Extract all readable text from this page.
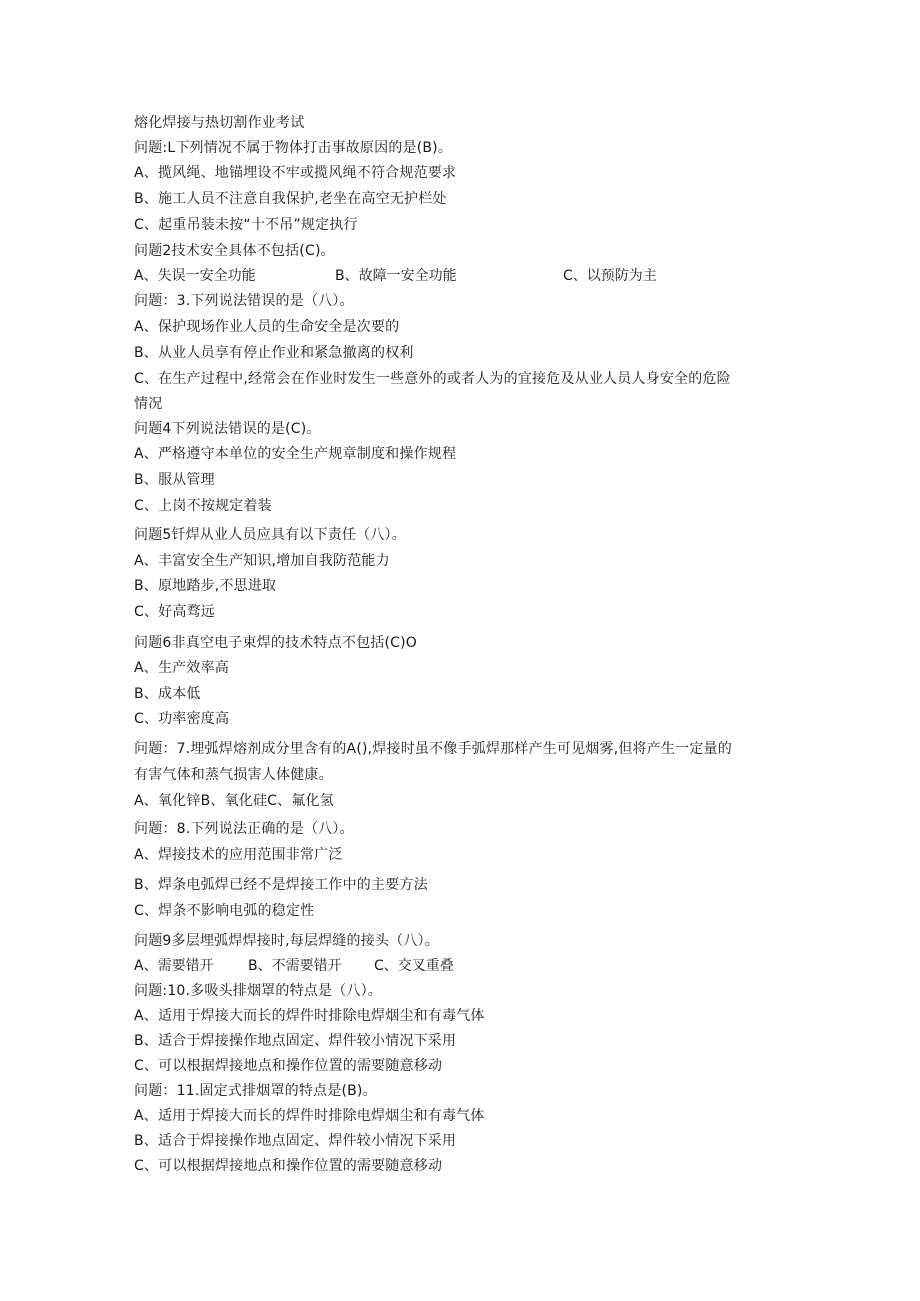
熔化焊接与热切割作业考试

问题:L下列情况不属于物体打击事故原因的是(B)。

A、揽风绳、地锚埋设不牢或揽风绳不符合规范要求

B、施工人员不注意自我保护,老坐在高空无护栏处

C、起重吊装未按“十不吊”规定执行

问题2技术安全具体不包括(C)。

A、失误一安全功能	B、故障一安全功能	C、以预防为主

问题：3.下列说法错误的是（八）。

A、保护现场作业人员的生命安全是次要的

B、从业人员享有停止作业和紧急撤离的权利

C、在生产过程中,经常会在作业时发生一些意外的或者人为的宜接危及从业人员人身安全的危险

情况

问题4下列说法错误的是(C)。

A、严格遵守本单位的安全生产规章制度和操作规程

B、服从管理

C、上岗不按规定着装

问题5钎焊从业人员应具有以下责任（八）。

A、丰富安全生产知识,增加自我防范能力

B、原地踏步,不思进取

C、好高骛远

问题6非真空电子束焊的技术特点不包括(C)O

A、生产效率高

B、成本低

C、功率密度高

问题：7.埋弧焊熔剂成分里含有的A(),焊接时虽不像手弧焊那样产生可见烟雾,但将产生一定量的

有害气体和蒸气损害人体健康。

A、氧化锌B、氧化硅C、氟化氢

问题：8.下列说法正确的是（八）。

A、焊接技术的应用范围非常广泛

B、焊条电弧焊已经不是焊接工作中的主要方法

C、焊条不影响电弧的稳定性

问题9多层埋弧焊焊接时,每层焊缝的接头（八）。

A、需要错开 B、不需要错开 C、交叉重叠

问题:10.多吸头排烟罩的特点是（八）。

A、适用于焊接大而长的焊件时排除电焊烟尘和有毒气体

B、适合于焊接操作地点固定、焊件较小情况下采用

C、可以根据焊接地点和操作位置的需要随意移动

问题：11.固定式排烟罩的特点是(B)。

A、适用于焊接大而长的焊件时排除电焊烟尘和有毒气体

B、适合于焊接操作地点固定、焊件较小情况下采用

C、可以根据焊接地点和操作位置的需要随意移动
